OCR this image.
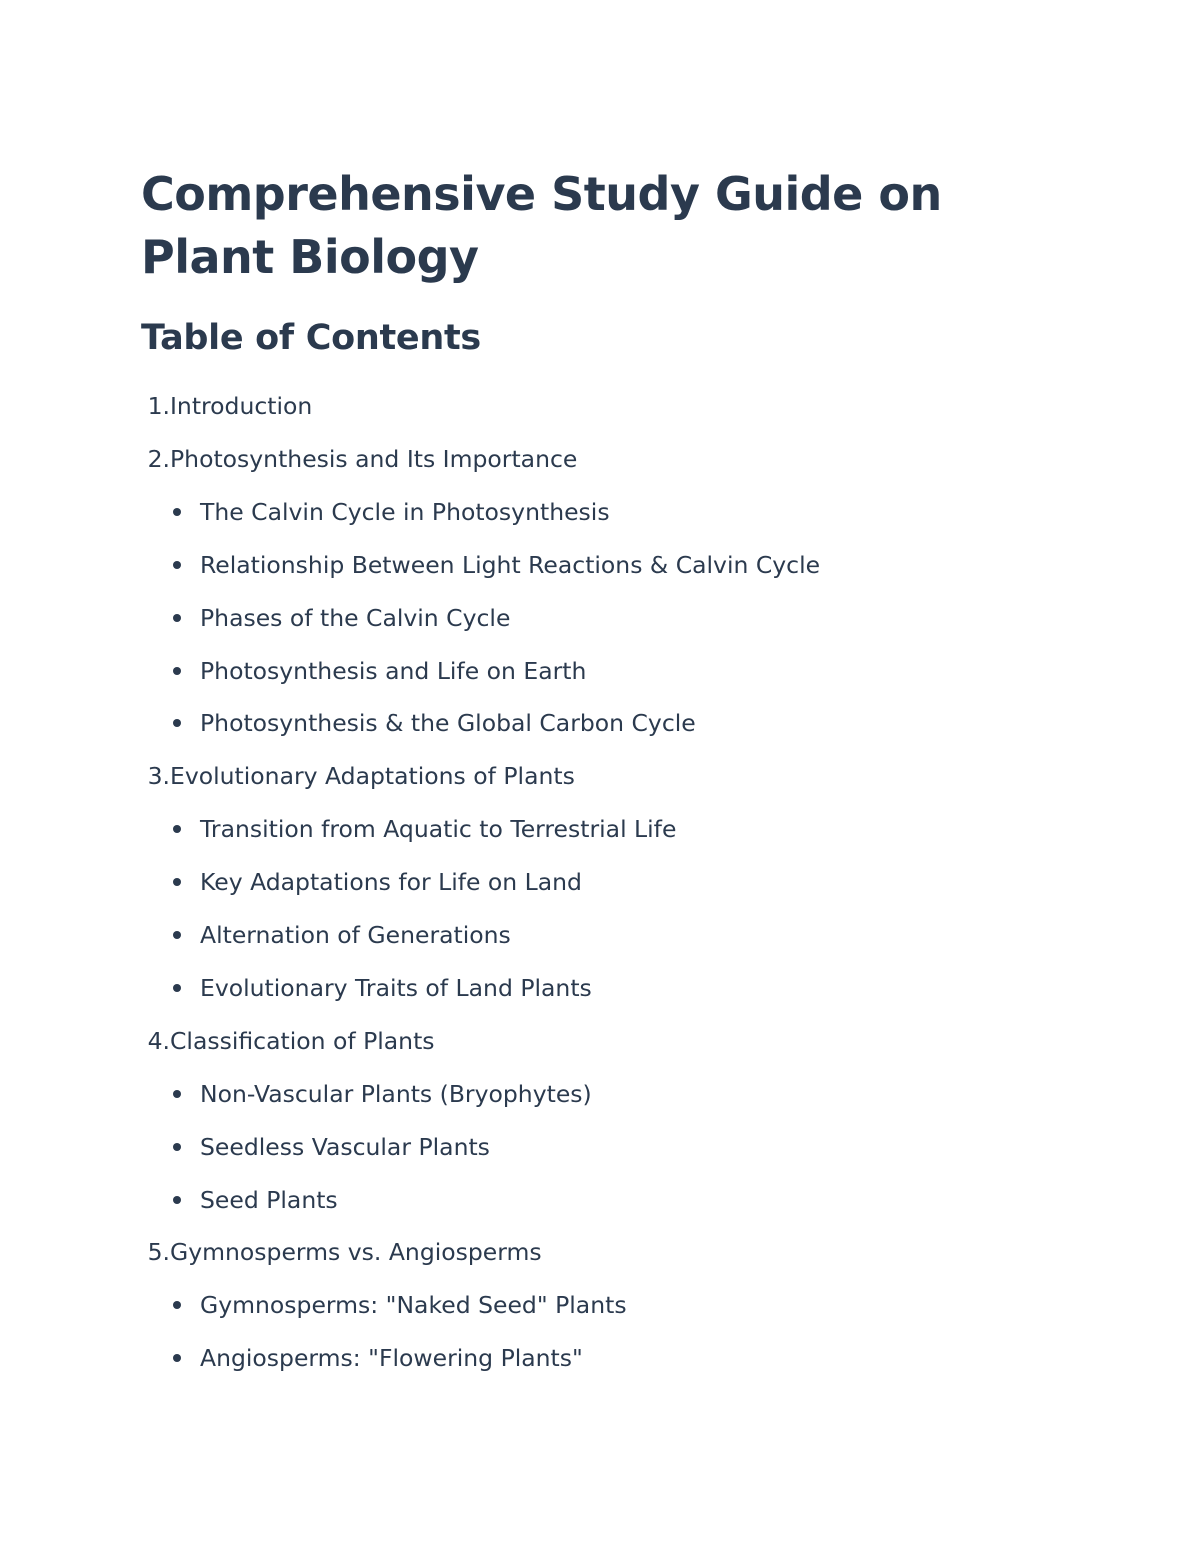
Comprehensive Study Guide on Plant Biology
Table of Contents
1. Introduction
2. Photosynthesis and Its Importance
The Calvin Cycle in Photosynthesis
Relationship Between Light Reactions & Calvin Cycle
Phases of the Calvin Cycle
Photosynthesis and Life on Earth
Photosynthesis & the Global Carbon Cycle
3. Evolutionary Adaptations of Plants
Transition from Aquatic to Terrestrial Life
Key Adaptations for Life on Land
Alternation of Generations
Evolutionary Traits of Land Plants
4. Classification of Plants
Non-Vascular Plants (Bryophytes)
Seedless Vascular Plants
Seed Plants
5. Gymnosperms vs. Angiosperms
Gymnosperms: "Naked Seed" Plants
Angiosperms: "Flowering Plants"
